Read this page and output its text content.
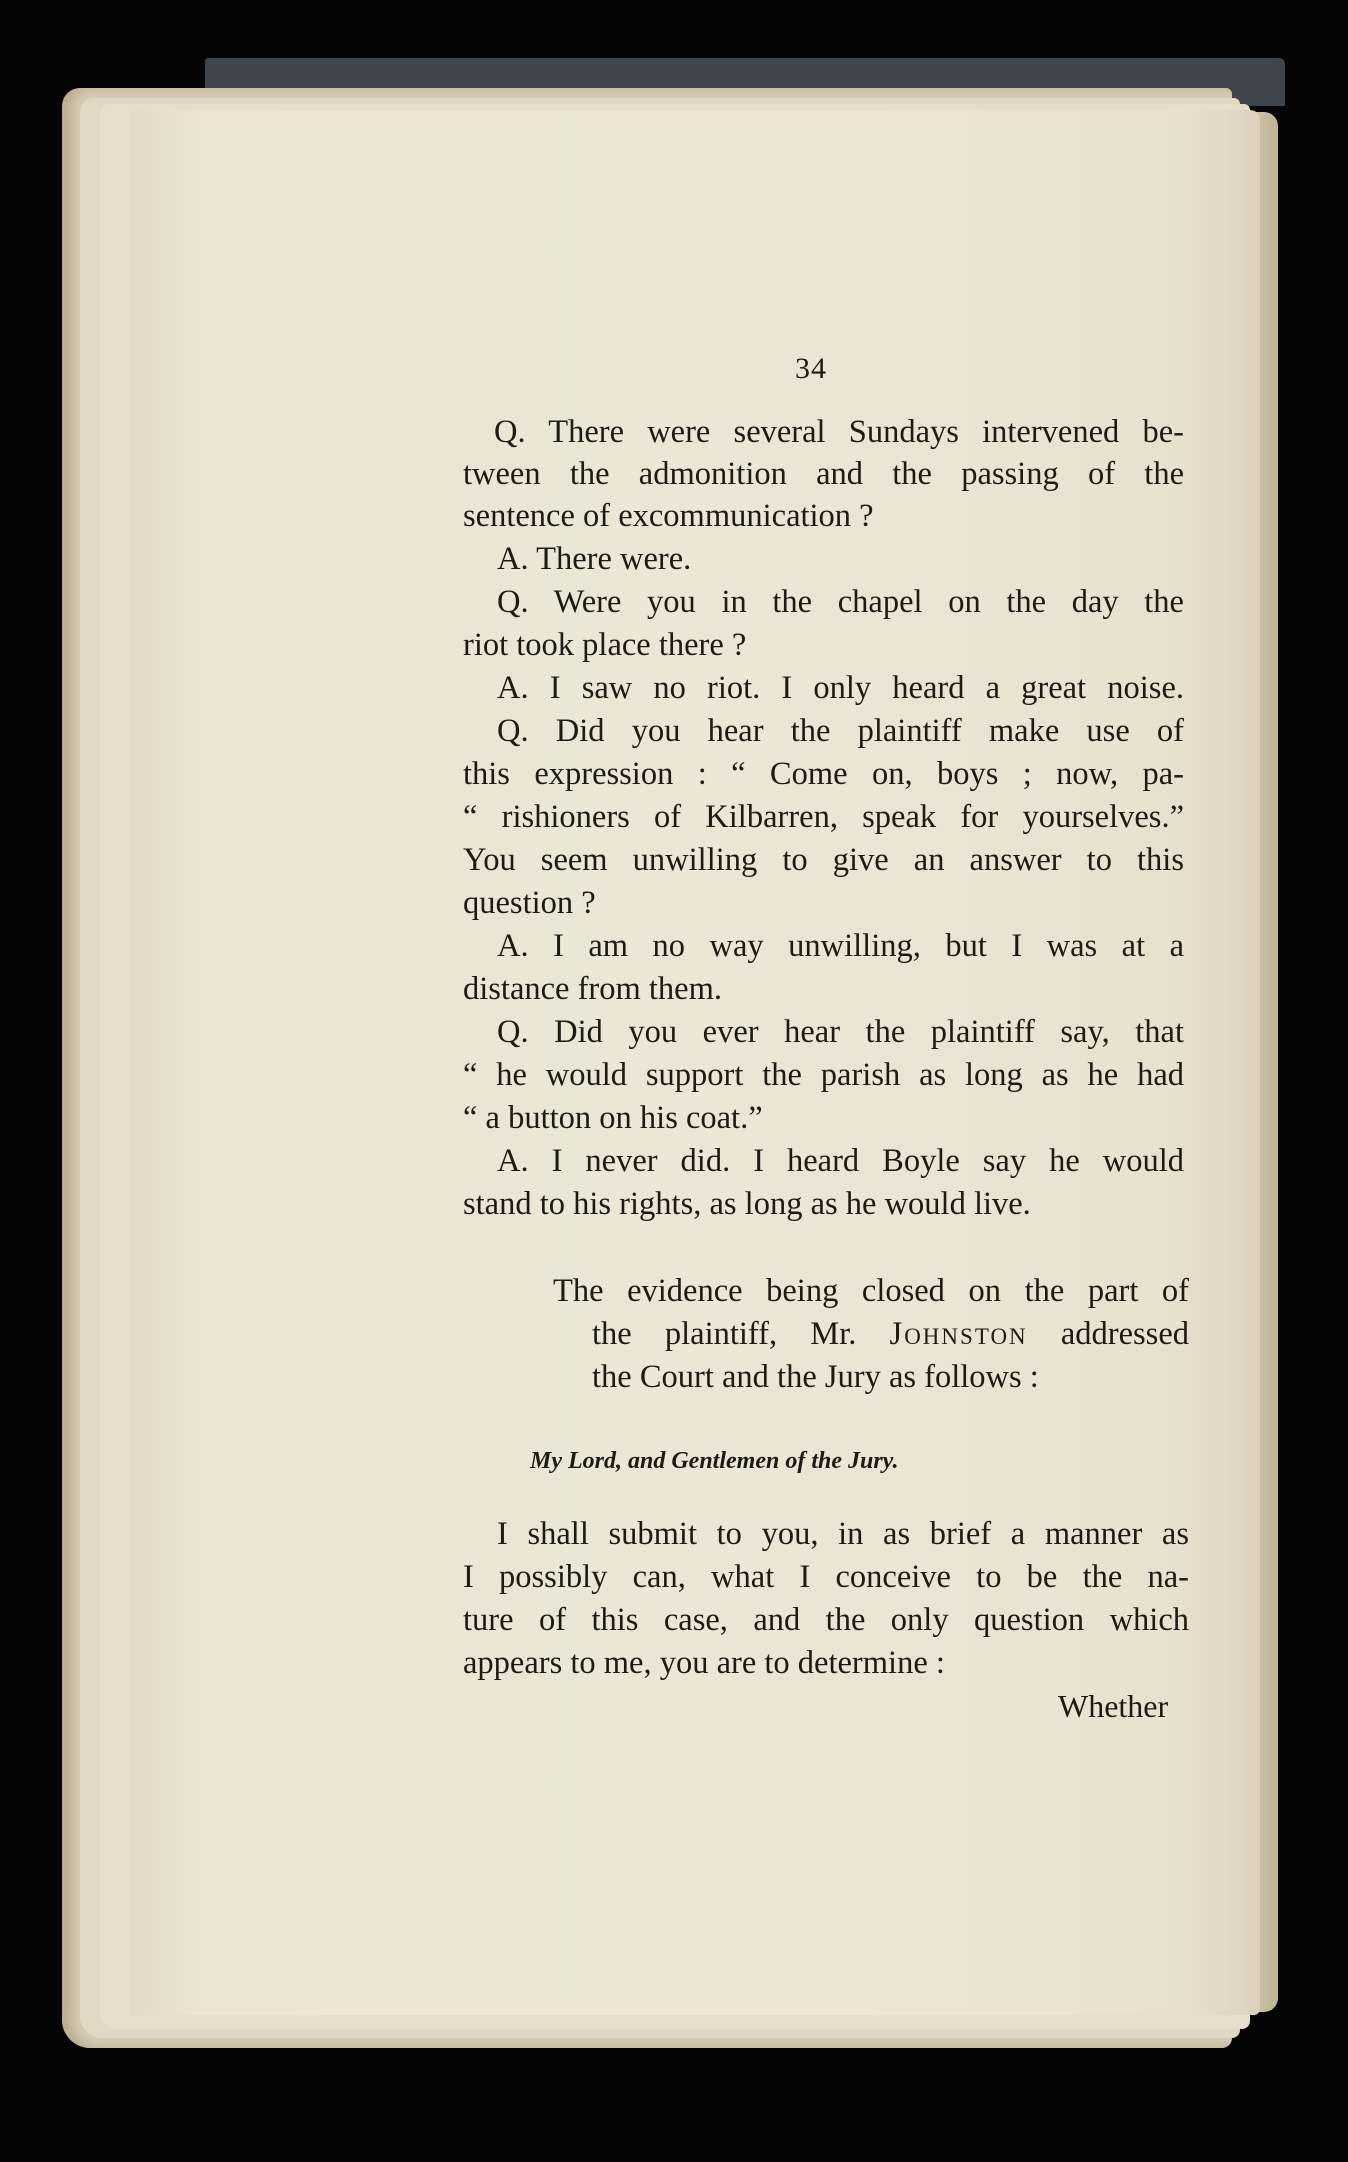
34
Q. There were several Sundays intervened be-
tween the admonition and the passing of the
sentence of excommunication ?
A. There were.
Q. Were you in the chapel on the day the
riot took place there ?
A. I saw no riot. I only heard a great noise.
Q. Did you hear the plaintiff make use of
this expression : “ Come on, boys ; now, pa-
“ rishioners of Kilbarren, speak for yourselves.”
You seem unwilling to give an answer to this
question ?
A. I am no way unwilling, but I was at a
distance from them.
Q. Did you ever hear the plaintiff say, that
“ he would support the parish as long as he had
“ a button on his coat.”
A. I never did. I heard Boyle say he would
stand to his rights, as long as he would live.
The evidence being closed on the part of
the plaintiff, Mr. Johnston addressed
the Court and the Jury as follows :
My Lord, and Gentlemen of the Jury.
I shall submit to you, in as brief a manner as
I possibly can, what I conceive to be the na-
ture of this case, and the only question which
appears to me, you are to determine :
Whether
